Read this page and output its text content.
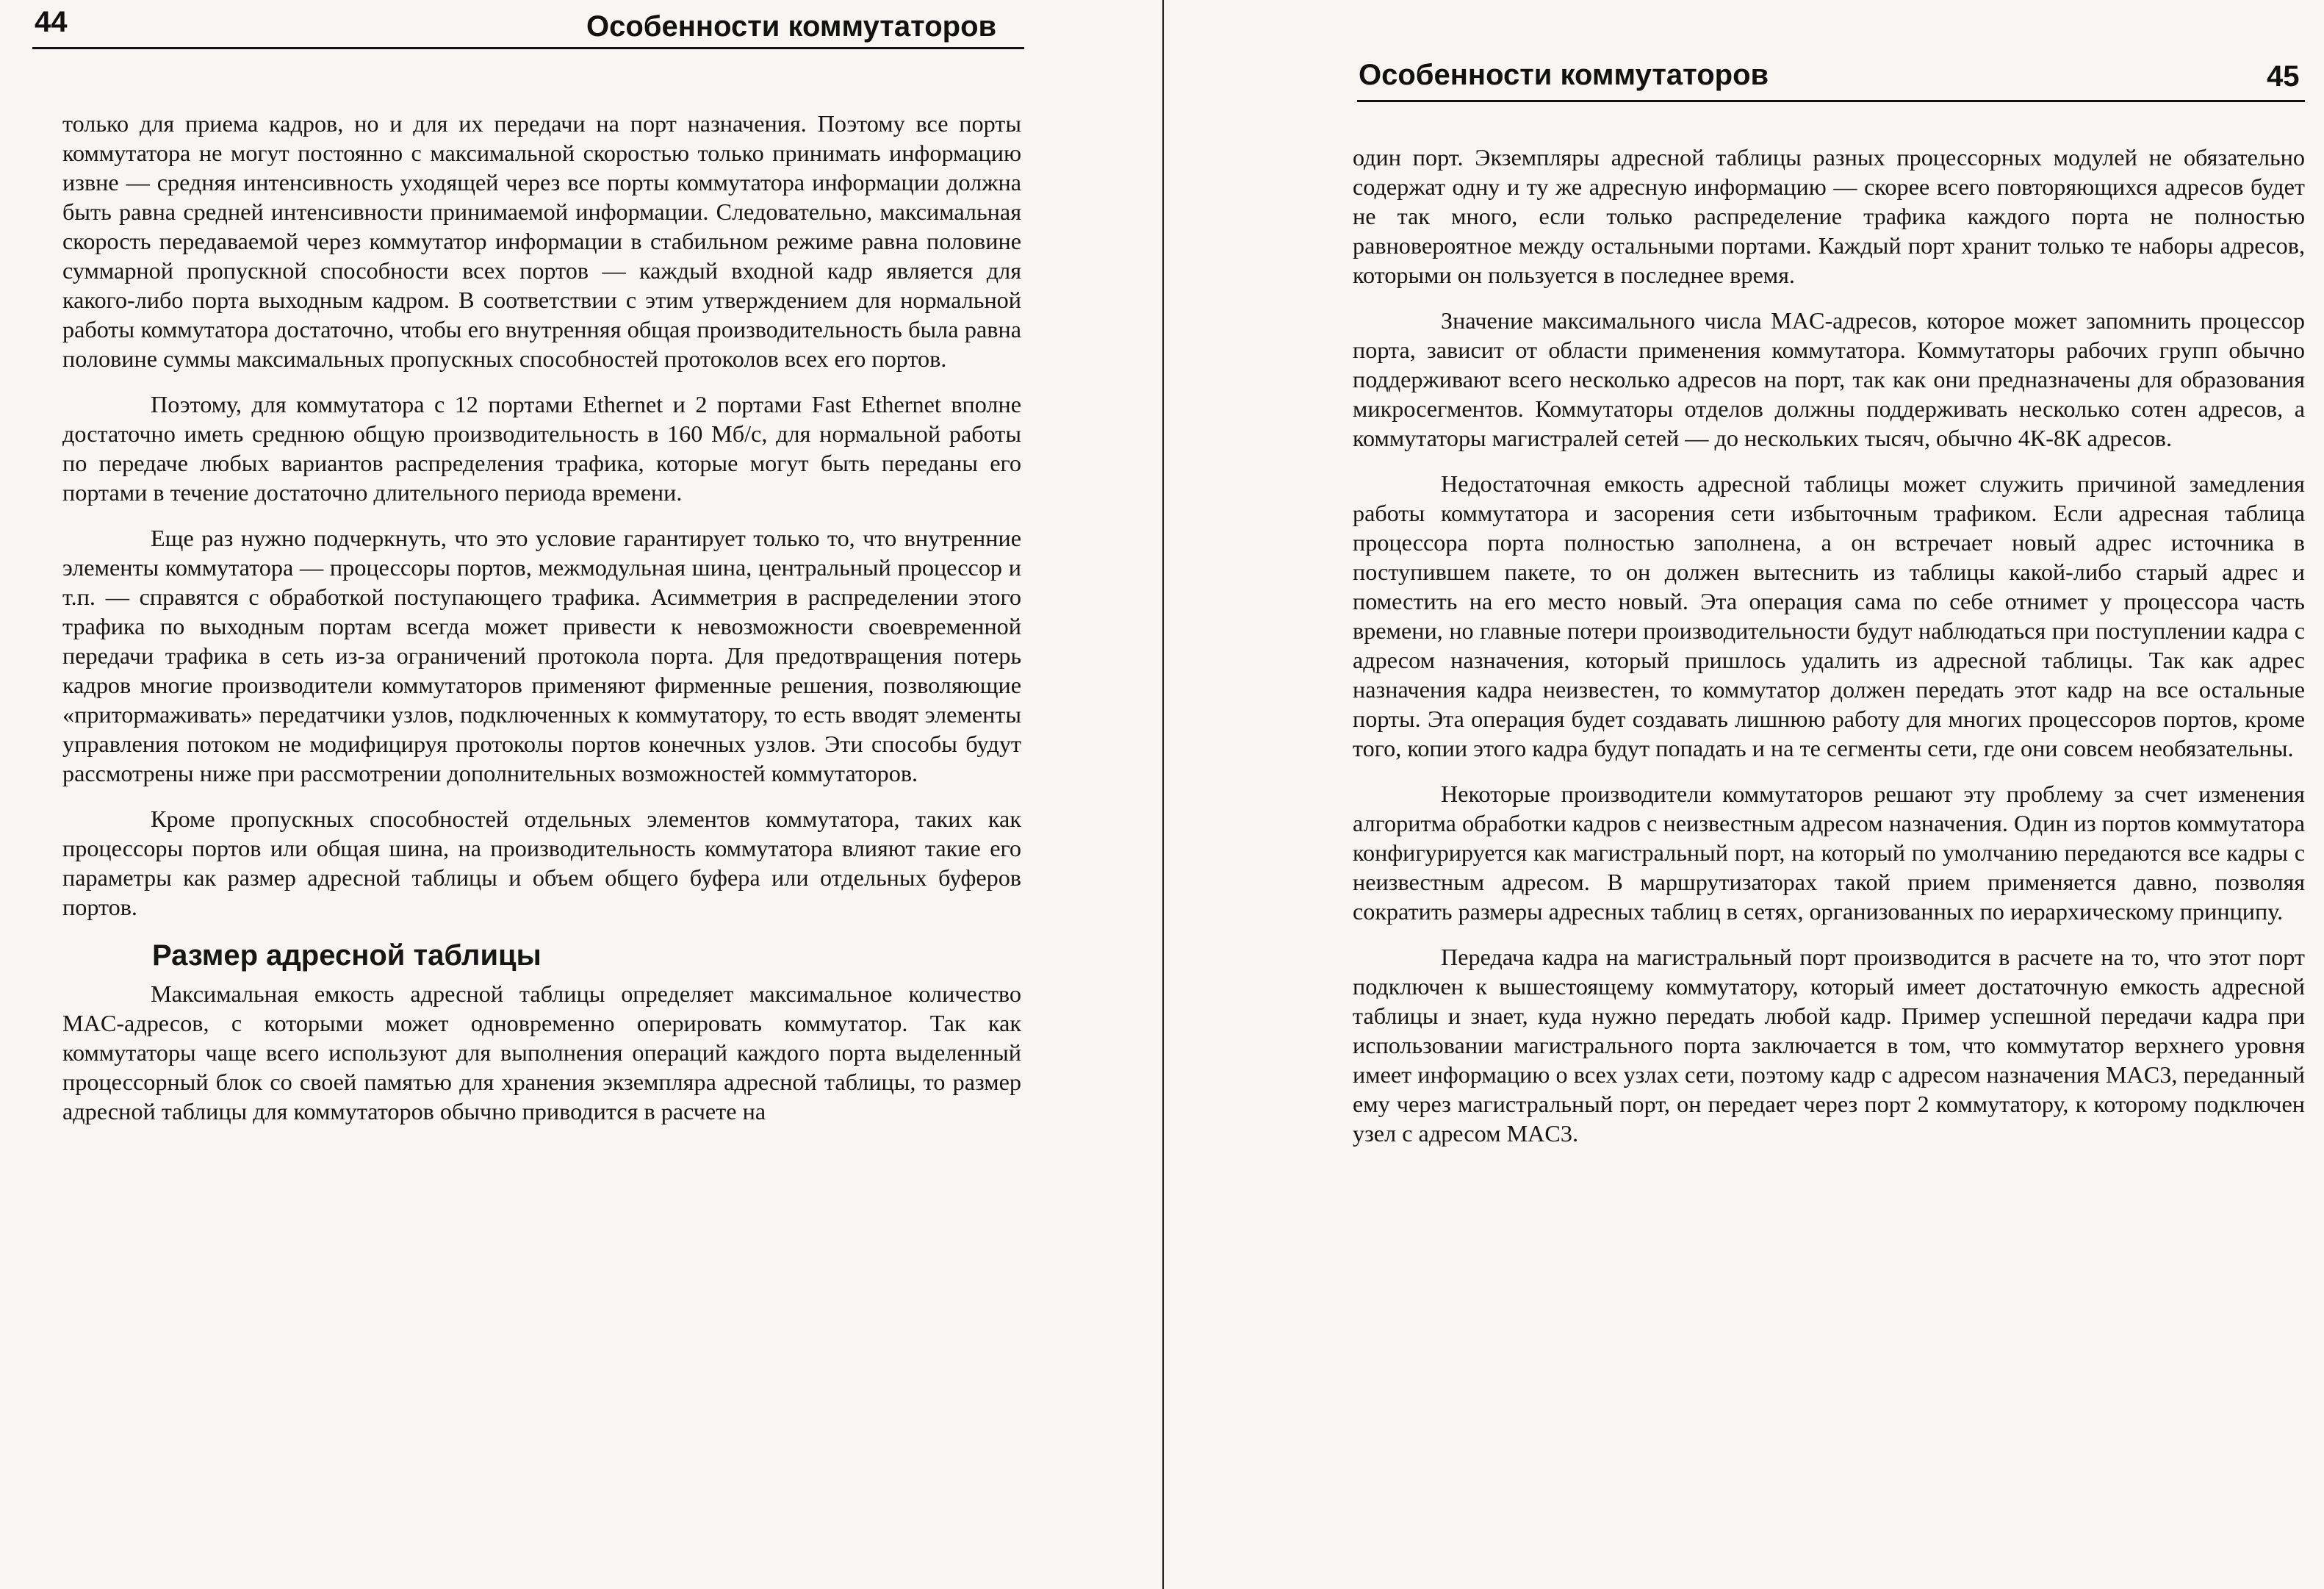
44	Особенности коммутаторов

только для приема кадров, но и для их передачи на порт назначения. Поэтому все порты коммутатора не могут постоянно с максимальной скоростью только принимать информацию извне — средняя интенсивность уходящей через все порты коммутатора информации должна быть равна средней интенсивности принимаемой информации. Следовательно, максимальная скорость передаваемой через коммутатор информации в стабильном режиме равна половине суммарной пропускной способности всех портов — каждый входной кадр является для какого-либо порта выходным кадром. В соответствии с этим утверждением для нормальной работы коммутатора достаточно, чтобы его внутренняя общая производительность была равна половине суммы максимальных пропускных способностей протоколов всех его портов.

Поэтому, для коммутатора с 12 портами Ethernet и 2 портами Fast Ethernet вполне достаточно иметь среднюю общую производительность в 160 Мб/с, для нормальной работы по передаче любых вариантов распределения трафика, которые могут быть переданы его портами в течение достаточно длительного периода времени.

Еще раз нужно подчеркнуть, что это условие гарантирует только то, что внутренние элементы коммутатора — процессоры портов, межмодульная шина, центральный процессор и т.п. — справятся с обработкой поступающего трафика. Асимметрия в распределении этого трафика по выходным портам всегда может привести к невозможности своевременной передачи трафика в сеть из-за ограничений протокола порта. Для предотвращения потерь кадров многие производители коммутаторов применяют фирменные решения, позволяющие «притормаживать» передатчики узлов, подключенных к коммутатору, то есть вводят элементы управления потоком не модифицируя протоколы портов конечных узлов. Эти способы будут рассмотрены ниже при рассмотрении дополнительных возможностей коммутаторов.

Кроме пропускных способностей отдельных элементов коммутатора, таких как процессоры портов или общая шина, на производительность коммутатора влияют такие его параметры как размер адресной таблицы и объем общего буфера или отдельных буферов портов.

Размер адресной таблицы

Максимальная емкость адресной таблицы определяет максимальное количество MAC-адресов, с которыми может одновременно оперировать коммутатор. Так как коммутаторы чаще всего используют для выполнения операций каждого порта выделенный процессорный блок со своей памятью для хранения экземпляра адресной таблицы, то размер адресной таблицы для коммутаторов обычно приводится в расчете на

Особенности коммутаторов	45

один порт. Экземпляры адресной таблицы разных процессорных модулей не обязательно содержат одну и ту же адресную информацию — скорее всего повторяющихся адресов будет не так много, если только распределение трафика каждого порта не полностью равновероятное между остальными портами. Каждый порт хранит только те наборы адресов, которыми он пользуется в последнее время.

Значение максимального числа MAC-адресов, которое может запомнить процессор порта, зависит от области применения коммутатора. Коммутаторы рабочих групп обычно поддерживают всего несколько адресов на порт, так как они предназначены для образования микросегментов. Коммутаторы отделов должны поддерживать несколько сотен адресов, а коммутаторы магистралей сетей — до нескольких тысяч, обычно 4К-8К адресов.

Недостаточная емкость адресной таблицы может служить причиной замедления работы коммутатора и засорения сети избыточным трафиком. Если адресная таблица процессора порта полностью заполнена, а он встречает новый адрес источника в поступившем пакете, то он должен вытеснить из таблицы какой-либо старый адрес и поместить на его место новый. Эта операция сама по себе отнимет у процессора часть времени, но главные потери производительности будут наблюдаться при поступлении кадра с адресом назначения, который пришлось удалить из адресной таблицы. Так как адрес назначения кадра неизвестен, то коммутатор должен передать этот кадр на все остальные порты. Эта операция будет создавать лишнюю работу для многих процессоров портов, кроме того, копии этого кадра будут попадать и на те сегменты сети, где они совсем необязательны.

Некоторые производители коммутаторов решают эту проблему за счет изменения алгоритма обработки кадров с неизвестным адресом назначения. Один из портов коммутатора конфигурируется как магистральный порт, на который по умолчанию передаются все кадры с неизвестным адресом. В маршрутизаторах такой прием применяется давно, позволяя сократить размеры адресных таблиц в сетях, организованных по иерархическому принципу.

Передача кадра на магистральный порт производится в расчете на то, что этот порт подключен к вышестоящему коммутатору, который имеет достаточную емкость адресной таблицы и знает, куда нужно передать любой кадр. Пример успешной передачи кадра при использовании магистрального порта заключается в том, что коммутатор верхнего уровня имеет информацию о всех узлах сети, поэтому кадр с адресом назначения MAC3, переданный ему через магистральный порт, он передает через порт 2 коммутатору, к которому подключен узел с адресом MAC3.
